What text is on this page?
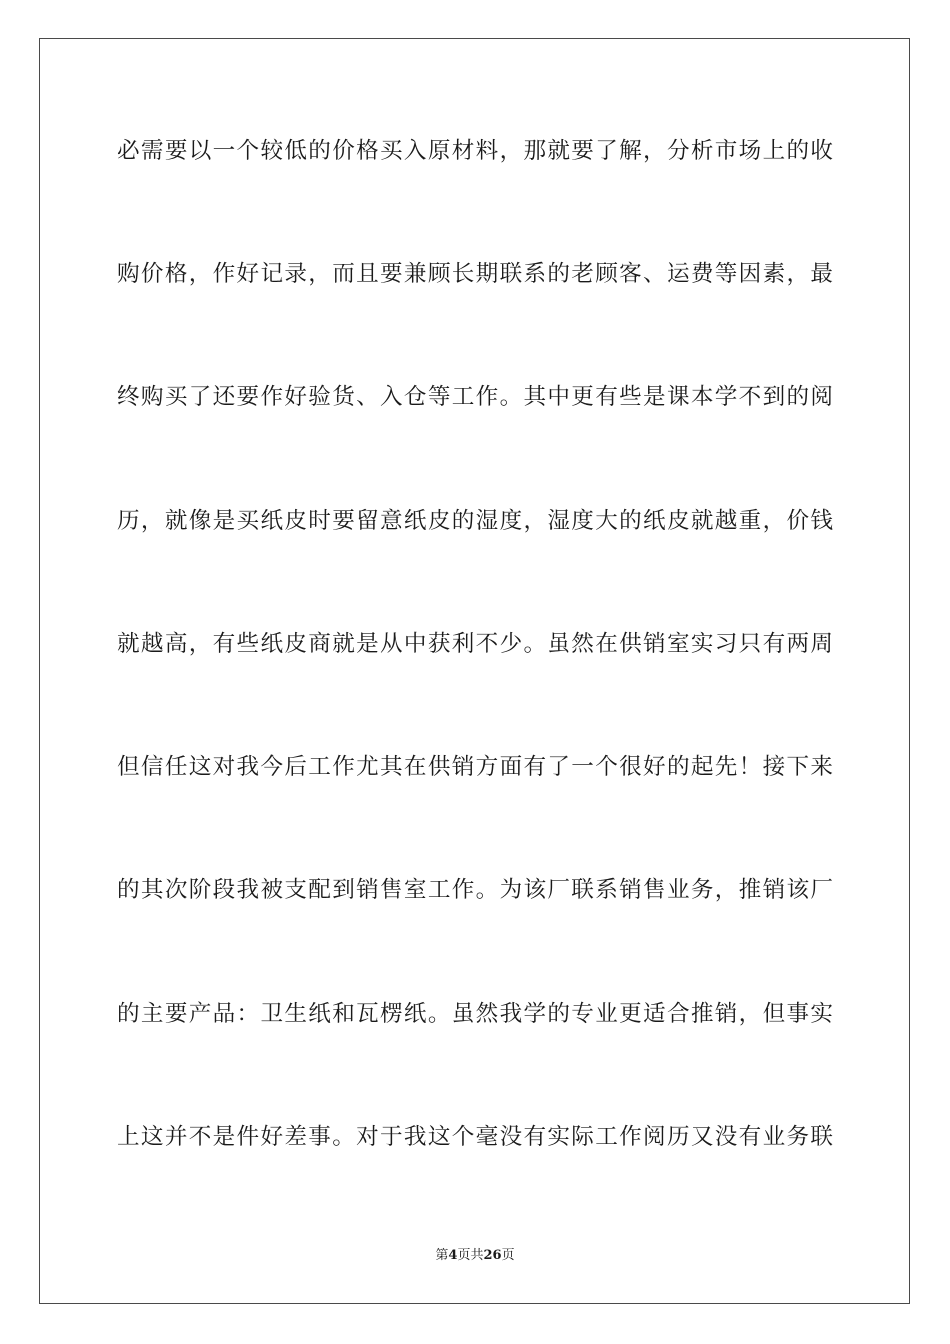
必需要以一个较低的价格买入原材料，那就要了解，分析市场上的收
购价格，作好记录，而且要兼顾长期联系的老顾客、运费等因素，最
终购买了还要作好验货、入仓等工作。其中更有些是课本学不到的阅
历，就像是买纸皮时要留意纸皮的湿度，湿度大的纸皮就越重，价钱
就越高，有些纸皮商就是从中获利不少。虽然在供销室实习只有两周
但信任这对我今后工作尤其在供销方面有了一个很好的起先！接下来
的其次阶段我被支配到销售室工作。为该厂联系销售业务，推销该厂
的主要产品：卫生纸和瓦楞纸。虽然我学的专业更适合推销，但事实
上这并不是件好差事。对于我这个毫没有实际工作阅历又没有业务联
第4页共26页
